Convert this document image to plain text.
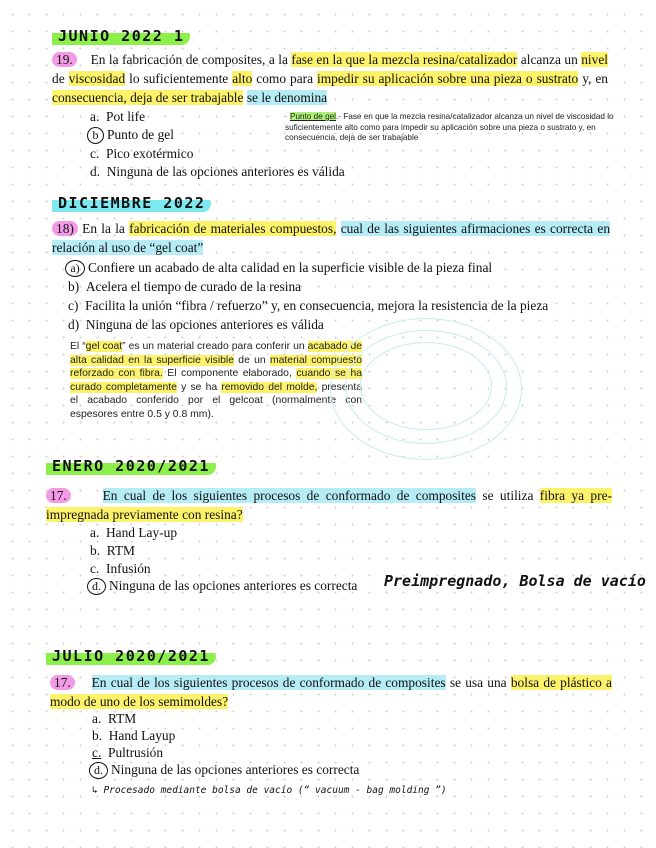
JUNIO 2022 1
19. En la fabricación de composites, a la fase en la que la mezcla resina/catalizador alcanza un nivel de viscosidad lo suficientemente alto como para impedir su aplicación sobre una pieza o sustrato y, en consecuencia, deja de ser trabajable se le denomina
a. Pot life
b Punto de gel
c. Pico exotérmico
d. Ninguna de las opciones anteriores es válida
· Punto de gel.- Fase en que la mezcla resina/catalizador alcanza un nivel de viscosidad lo suficientemente alto como para impedir su aplicación sobre una pieza o sustrato y, en consecuencia, deja de ser trabajable
DICIEMBRE 2022
18) En la la fabricación de materiales compuestos, cual de las siguientes afirmaciones es correcta en relación al uso de “gel coat”
a) Confiere un acabado de alta calidad en la superficie visible de la pieza final
b) Acelera el tiempo de curado de la resina
c) Facilita la unión “fibra / refuerzo” y, en consecuencia, mejora la resistencia de la pieza
d) Ninguna de las opciones anteriores es válida
El “gel coat” es un material creado para conferir un acabado de alta calidad en la superficie visible de un material compuesto reforzado con fibra. El componente elaborado, cuando se ha curado completamente y se ha removido del molde, presenta el acabado conferido por el gelcoat (normalmente con espesores entre 0.5 y 0.8 mm).
ENERO 2020/2021
17.	En cual de los siguientes procesos de conformado de composites se utiliza fibra ya pre-impregnada previamente con resina?
a. Hand Lay-up
b. RTM
c. Infusión
d. Ninguna de las opciones anteriores es correcta Preimpregnado, Bolsa de vacío
JULIO 2020/2021
17. En cual de los siguientes procesos de conformado de composites se usa una bolsa de plástico a modo de uno de los semimoldes?
a. RTM
b. Hand Layup
c. Pultrusión
d. Ninguna de las opciones anteriores es correcta
↳ Procesado mediante bolsa de vacío (“ vacuum - bag molding ”)
